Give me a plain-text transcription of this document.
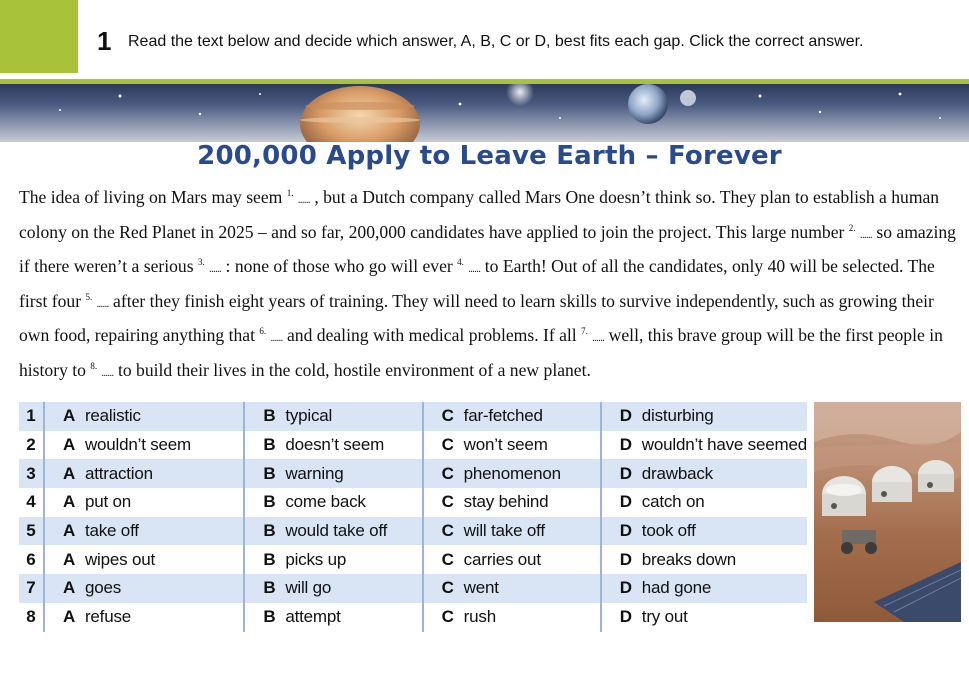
1 Read the text below and decide which answer, A, B, C or D, best fits each gap. Click the correct answer.
200,000 Apply to Leave Earth – Forever
The idea of living on Mars may seem $^{1.}$ ...... , but a Dutch company called Mars One doesn’t think so. They plan to establish a human colony on the Red Planet in 2025 – and so far, 200,000 candidates have applied to join the project. This large number $^{2.}$ ...... so amazing if there weren’t a serious $^{3.}$ ...... : none of those who go will ever $^{4.}$ ...... to Earth! Out of all the candidates, only 40 will be selected. The first four $^{5.}$ ...... after they finish eight years of training. They will need to learn skills to survive independently, such as growing their own food, repairing anything that $^{6.}$ ...... and dealing with medical problems. If all $^{7.}$ ...... well, this brave group will be the first people in history to $^{8.}$ ...... to build their lives in the cold, hostile environment of a new planet.
1	A realistic	B typical	C far-fetched	D disturbing
2	A wouldn’t seem	B doesn’t seem	C won’t seem	D wouldn’t have seemed
3	A attraction	B warning	C phenomenon	D drawback
4	A put on	B come back	C stay behind	D catch on
5	A take off	B would take off	C will take off	D took off
6	A wipes out	B picks up	C carries out	D breaks down
7	A goes	B will go	C went	D had gone
8	A refuse	B attempt	C rush	D try out
